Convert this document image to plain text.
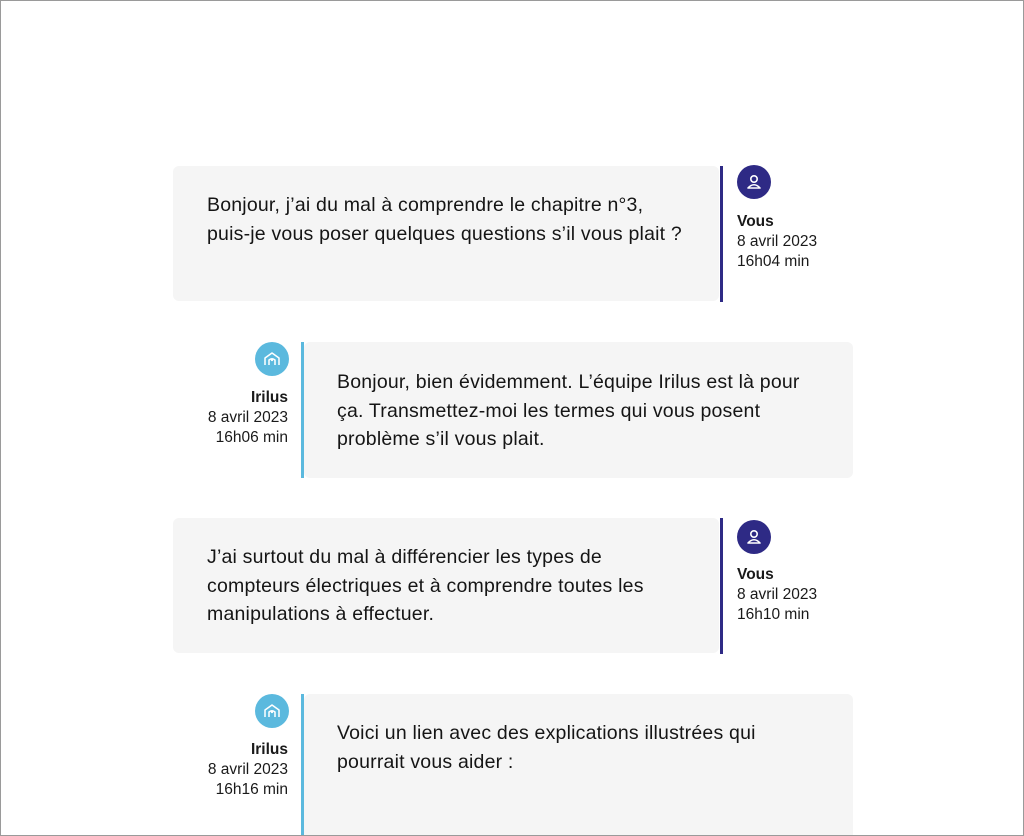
Bonjour, j’ai du mal à comprendre le chapitre n°3, puis-je vous poser quelques questions s’il vous plait ?
Vous
8 avril 2023
16h04 min
Irilus
8 avril 2023
16h06 min
Bonjour, bien évidemment. L’équipe Irilus est là pour ça. Transmettez-moi les termes qui vous posent problème s’il vous plait.
J’ai surtout du mal à différencier les types de compteurs électriques et à comprendre toutes les manipulations à effectuer.
Vous
8 avril 2023
16h10 min
Irilus
8 avril 2023
16h16 min
Voici un lien avec des explications illustrées qui pourrait vous aider :
